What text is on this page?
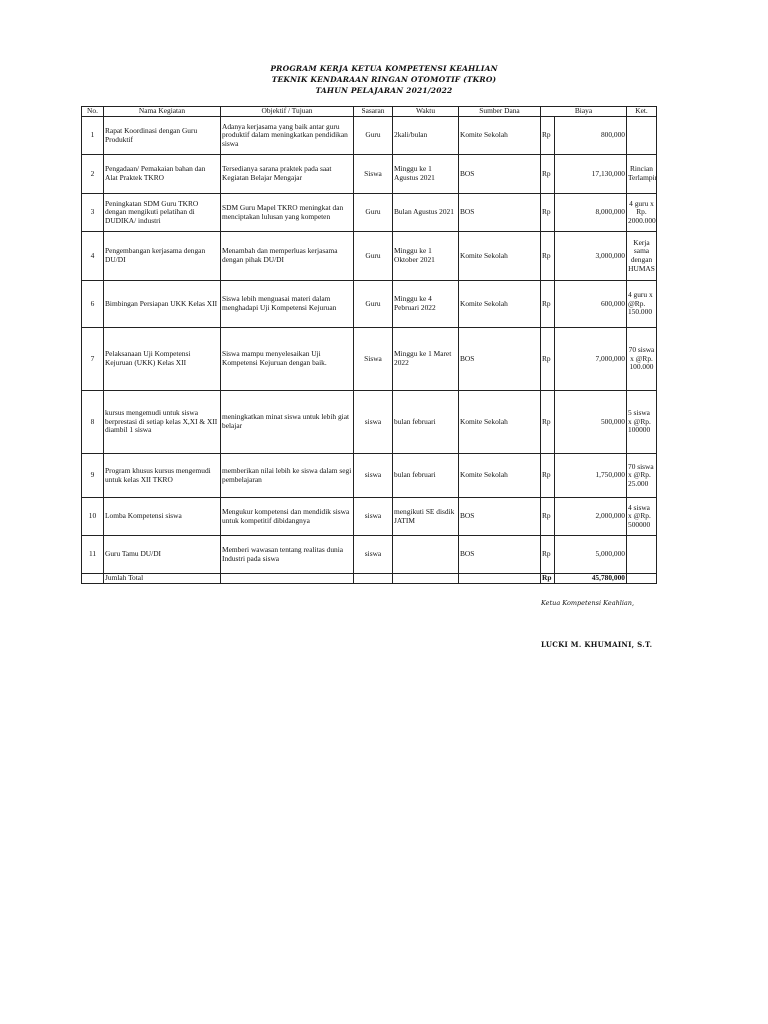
PROGRAM KERJA KETUA KOMPETENSI KEAHLIAN
TEKNIK KENDARAAN RINGAN OTOMOTIF (TKRO)
TAHUN PELAJARAN 2021/2022
No.	Nama Kegiatan	Objektif / Tujuan	Sasaran	Waktu	Sumber Dana	Biaya		Ket.
1	Rapat Koordinasi dengan Guru Produktif	Adanya kerjasama yang baik antar guru produktif dalam meningkatkan pendidikan siswa	Guru	2kali/bulan	Komite Sekolah	Rp	800,000	
2	Pengadaan/ Pemakaian bahan dan Alat Praktek TKRO	Tersedianya sarana praktek pada saat Kegiatan Belajar Mengajar	Siswa	Minggu ke 1 Agustus 2021	BOS	Rp	17,130,000	Rincian Terlampir
3	Peningkatan SDM Guru TKRO dengan mengikuti pelatihan di DUDIKA/ industri	SDM Guru Mapel TKRO meningkat dan menciptakan lulusan yang kompeten	Guru	Bulan Agustus 2021	BOS	Rp	8,000,000	4 guru x Rp. 2000.000
4	Pengembangan kerjasama dengan DU/DI	Menambah dan memperluas kerjasama dengan pihak DU/DI	Guru	Minggu ke 1 Oktober 2021	Komite Sekolah	Rp	3,000,000	Kerja sama dengan HUMAS
6	Bimbingan Persiapan UKK Kelas XII	Siswa lebih menguasai materi dalam menghadapi Uji Kompetensi Kejuruan	Guru	Minggu ke 4 Pebruari 2022	Komite Sekolah	Rp	600,000	4 guru x @Rp. 150.000
7	Pelaksanaan Uji Kompetensi Kejuruan (UKK) Kelas XII	Siswa mampu menyelesaikan Uji Kompetensi Kejuruan dengan baik.	Siswa	Minggu ke 1 Maret 2022	BOS	Rp	7,000,000	70 siswa x @Rp. 100.000
8	kursus mengemudi untuk siswa berprestasi di setiap kelas X,XI & XII diambil 1 siswa	meningkatkan minat siswa untuk lebih giat belajar	siswa	bulan februari	Komite Sekolah	Rp	500,000	5 siswa x @Rp. 100000
9	Program khusus kursus mengemudi untuk kelas XII TKRO	memberikan nilai lebih ke siswa dalam segi pembelajaran	siswa	bulan februari	Komite Sekolah	Rp	1,750,000	70 siswa x @Rp. 25.000
10	Lomba Kompetensi siswa	Mengukur kompetensi dan mendidik siswa untuk kompetitif dibidangnya	siswa	mengikuti SE disdik JATIM	BOS	Rp	2,000,000	4 siswa x @Rp. 500000
11	Guru Tamu DU/DI	Memberi wawasan tentang realitas dunia Industri pada siswa	siswa		BOS	Rp	5,000,000	
	Jumlah Total					Rp	45,780,000	
Ketua Kompetensi Keahlian,
LUCKI M. KHUMAINI, S.T.
